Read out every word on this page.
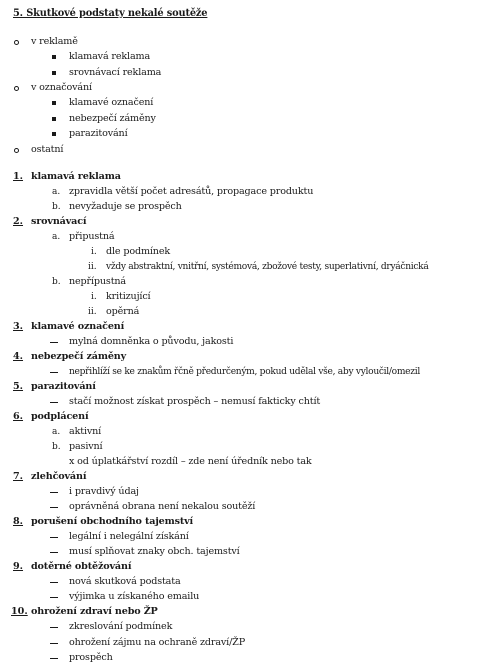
5. Skutkové podstaty nekalé soutěže
v reklamě
klamavá reklama
srovnávací reklama
v označování
klamavé označení
nebezpečí záměny
parazitování
ostatní
1. klamavá reklama
a. zpravidla větší počet adresátů, propagace produktu
b. nevyžaduje se prospěch
2. srovnávací
a. připustná
i. dle podmínek
ii. vždy abstraktní, vnitřní, systémová, zbožové testy, superlativní, dryáčnická
b. nepřípustná
i. kritizující
ii. opěrná
3. klamavé označení
mylná domněnka o původu, jakosti
4. nebezpečí záměny
nepřihlíží se ke znakům řčně předurčeným, pokud udělal vše, aby vyloučil/omezil
5. parazitování
stačí možnost získat prospěch – nemusí fakticky chtít
6. podplácení
a. aktivní
b. pasivní
x od úplatkářství rozdíl – zde není úředník nebo tak
7. zlehčování
i pravdivý údaj
oprávněná obrana není nekalou soutěží
8. porušení obchodního tajemství
legální i nelegální získání
musí splňovat znaky obch. tajemství
9. dotěrné obtěžování
nová skutková podstata
výjimka u získaného emailu
10. ohrožení zdraví nebo ŽP
zkreslování podmínek
ohrožení zájmu na ochraně zdraví/ŽP
prospěch
